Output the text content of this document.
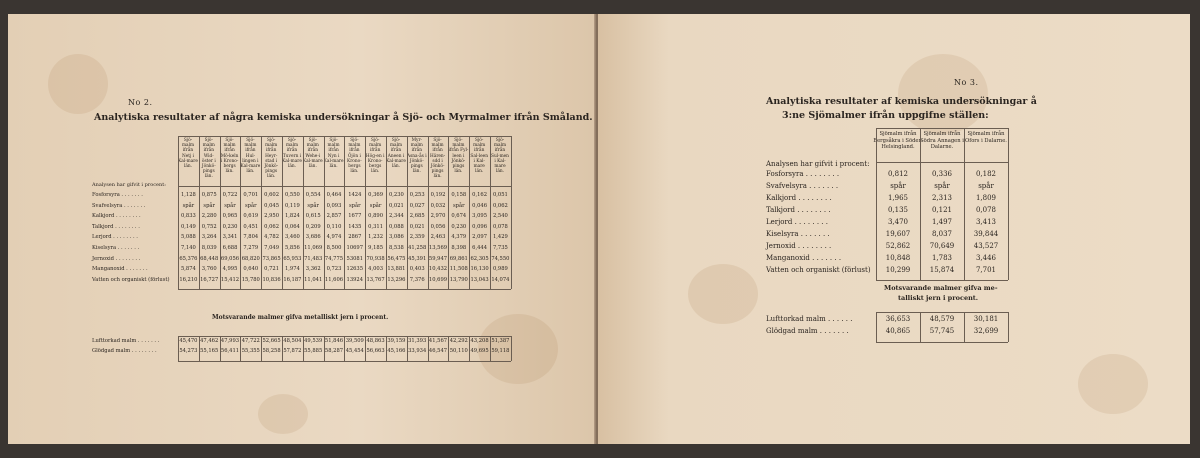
No 2.
Analytiska resultater af några kemiska undersökningar å Sjö- och Myrmalmer ifrån Småland.
Sjö-malm ifrån Netj i Kal-mare län.
Sjö-malm ifrån Wid-öster i Jönkö-pings län.
Sjö-malm ifrån Mö-keln i Krono-bergs län.
Sjö-malm ifrån Hul-lingen i Kal-mare län.
Sjö-malm ifrån Heyr-stad i Jönkö-pings län.
Sjö-malm ifrån Tuvern i Kal-mare län.
Sjö-malm ifrån Wehe-i Kal-mare län.
Sjö-malm ifrån Nyn i Kal-mare län.
Sjö-malm ifrån Öjön i Krono-bergs län.
Sjö-malm ifrån Hög-en i Krono-bergs län.
Sjö-malm ifrån Aneen i Kal-mare län.
Myr-malm ifrån Asna-ås i Jönkö-pings län.
Sjö-malm ifrån Hären-sdd i Jönkö-pings län.
Sjö-malm ifrån Fyl-leen i Jönkö-pings län.
Sjö-malm ifrån Sal-leen i Kal-mare län.
Sjö-malm ifrån Sul-men i Kal-mare län.
Analysen har gifvit i procent:
Fosforsyra . . . . . . .	1,128	0,875	0,722	0,701	0,602	0,550	0,554	0,464	1424	0,369	0,230	0,253	0,192	0,158	0,162	0,051
Svafvelsyra . . . . . . .	spår	spår	spår	spår	0,045	0,119	spår	0,093	spår	spår	0,021	0,027	0,032	spår	0,046	0,062
Kalkjord . . . . . . . .	0,833	2,280	0,965	0,619	2,950	1,824	0,615	2,857	1677	0,890	2,344	2,685	2,970	0,674	3,095	2,540
Talkjord . . . . . . . .	0,149	0,752	0,230	0,451	0,062	0,064	0,209	0,110	1435	0,311	0,088	0,021	0,056	0,230	0,096	0,078
Lerjord . . . . . . . .	5,088	3,264	3,341	7,804	4,782	3,460	3,686	4,974	2867	1,232	3,086	2,359	2,463	4,379	2,097	1,429
Kiselsyra . . . . . . .	7,140	8,039	6,688	7,279	7,049	5,856 11,069 8,500 10697 9,185	8,538 41,258 13,569 8,398	6,444	7,735
Jernoxid . . . . . . . .	65,376 68,448 69,056 68,820 73,865 65,953 71,483 74,775 53081 70,938 56,475 45,391 59,947 69,861 62,305 74,550
Manganoxid . . . . . . .	5,874	3,760	4,995	0,640	0,721	1,974	3,362	0,723 12635 4,003 13,881 0,403 10,432 11,508 16,130 0,989
Vatten och organiskt (förlust) 16,210 16,727 15,412 15,780 10,836 16,187 11,041 11,606 13924 13,767 13,296 7,376 10,699 13,790 13,043 14,074
Motsvarande malmer gifva metalliskt jern i procent.
Lufttorkad malm . . . . . . .	45,470 47,462 47,993 47,722 52,665 48,504 49,539 51,846 39,509 48,863 39,159 31,393 41,567 42,292 43,208 51,387
Glödgad malm . . . . . . . .	54,273 55,165 56,411 55,355 58,258 57,872 55,885 58,287 45,454 56,663 45,166 33,934 46,547 50,110 49,695 59,118
No 3.
Analytiska resultater af kemiska undersökningar å
3:ne Sjömalmer ifrån uppgifne ställen:
Sjömalm ifrån Bergsåkra i Söder-Helsingland.
Sjömalm ifrån Södra Annagen i Dalarne.
Sjömalm ifrån Ofors i Dalarne.
Analysen har gifvit i procent:
Fosforsyra . . . . . . . .	0,812	0,336	0,182
Svafvelsyra . . . . . . .	spår	spår	spår
Kalkjord . . . . . . . .	1,965	2,313	1,809
Talkjord . . . . . . . .	0,135	0,121	0,078
Lerjord . . . . . . . .	3,470	1,497	3,413
Kiselsyra . . . . . . .	19,607	8,037	39,844
Jernoxid . . . . . . . .	52,862	70,649	43,527
Manganoxid . . . . . . .	10,848	1,783	3,446
Vatten och organiskt (förlust)	10,299	15,874	7,701
Motsvarande malmer gifva me-
talliskt jern i procent.
Lufttorkad malm . . . . . .	36,653	48,579	30,181
Glödgad malm . . . . . . .	40,865	57,745	32,699
